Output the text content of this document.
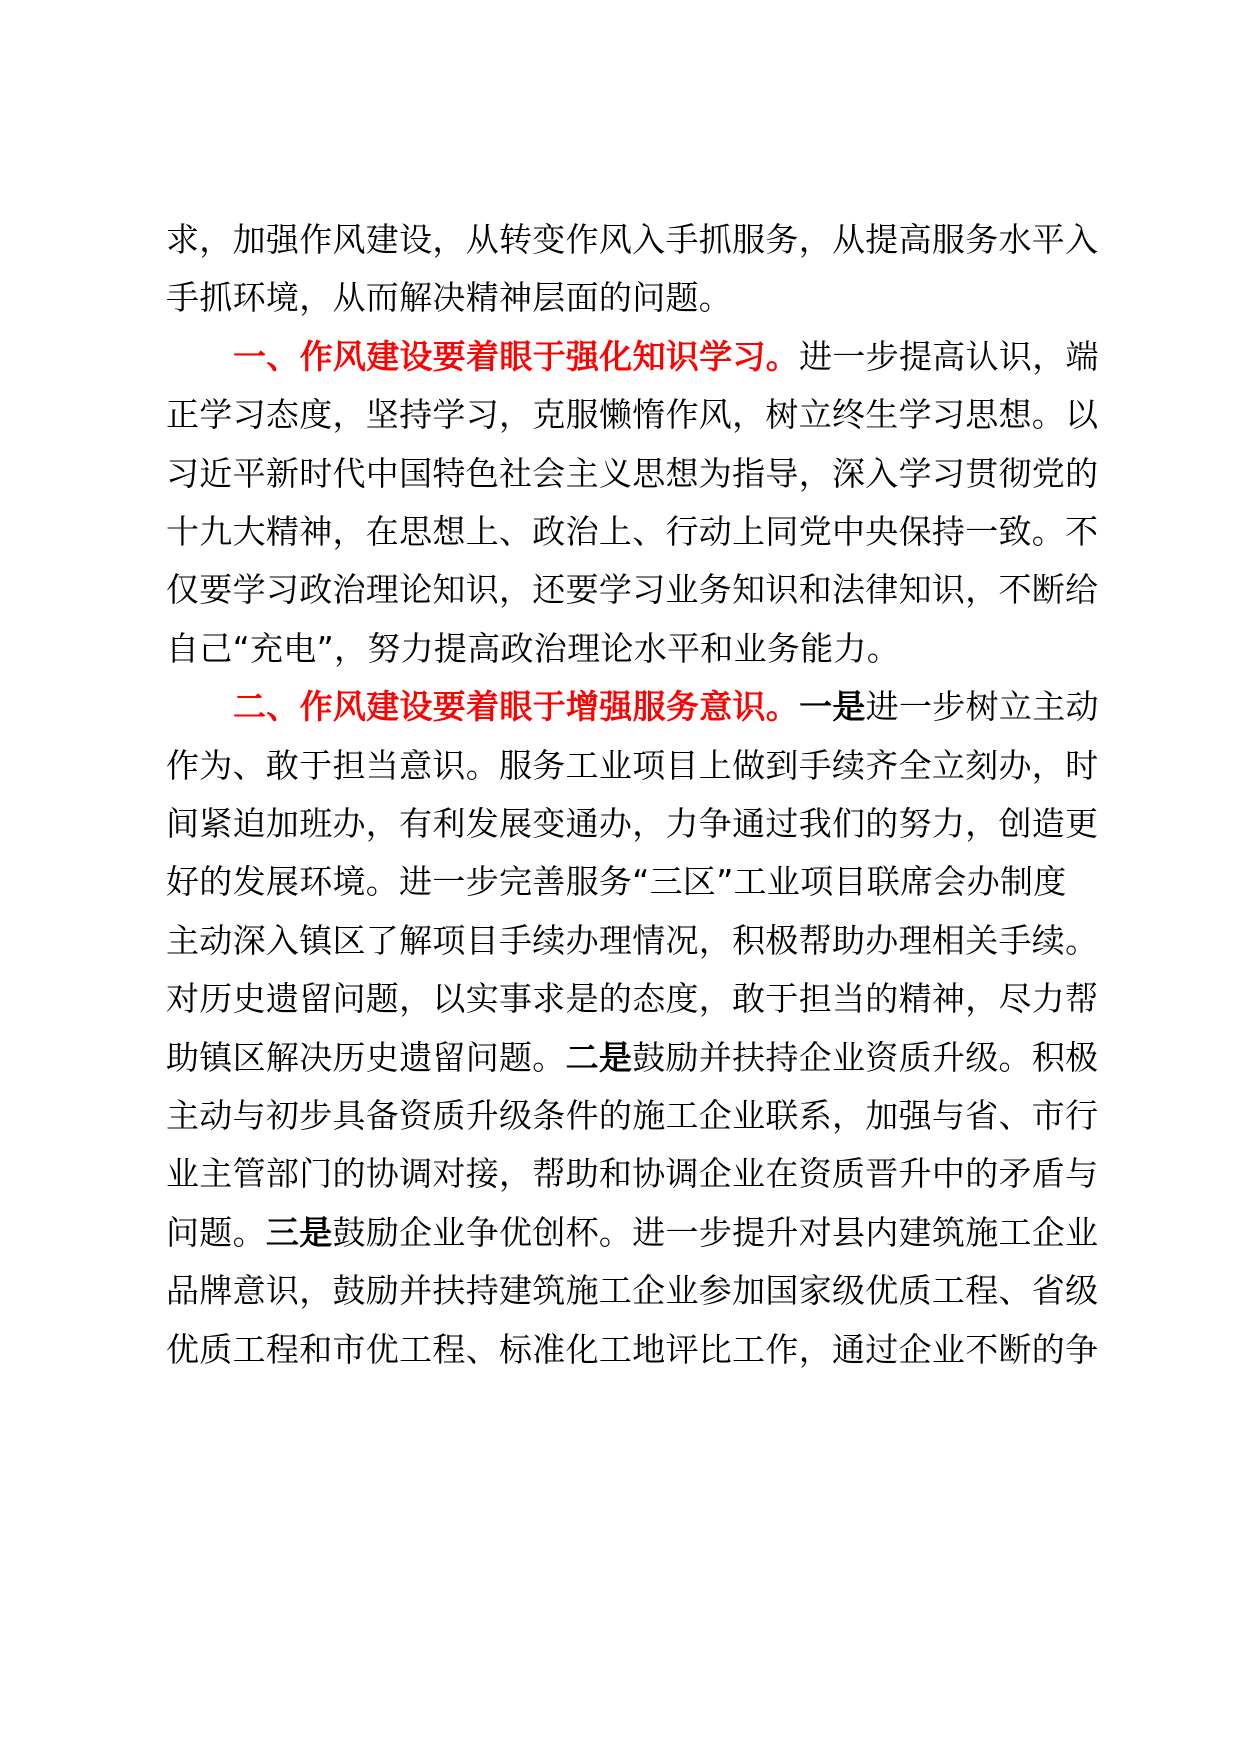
求，加强作风建设，从转变作风入手抓服务，从提高服务水平入
手抓环境，从而解决精神层面的问题。
一、作风建设要着眼于强化知识学习。进一步提高认识，端
正学习态度，坚持学习，克服懒惰作风，树立终生学习思想。以
习近平新时代中国特色社会主义思想为指导，深入学习贯彻党的
十九大精神，在思想上、政治上、行动上同党中央保持一致。不
仅要学习政治理论知识，还要学习业务知识和法律知识，不断给
自己“充电”，努力提高政治理论水平和业务能力。
二、作风建设要着眼于增强服务意识。一是进一步树立主动
作为、敢于担当意识。服务工业项目上做到手续齐全立刻办，时
间紧迫加班办，有利发展变通办，力争通过我们的努力，创造更
好的发展环境。进一步完善服务“三区”工业项目联席会办制度
主动深入镇区了解项目手续办理情况，积极帮助办理相关手续。
对历史遗留问题，以实事求是的态度，敢于担当的精神，尽力帮
助镇区解决历史遗留问题。二是鼓励并扶持企业资质升级。积极
主动与初步具备资质升级条件的施工企业联系，加强与省、市行
业主管部门的协调对接，帮助和协调企业在资质晋升中的矛盾与
问题。三是鼓励企业争优创杯。进一步提升对县内建筑施工企业
品牌意识，鼓励并扶持建筑施工企业参加国家级优质工程、省级
优质工程和市优工程、标准化工地评比工作，通过企业不断的争
